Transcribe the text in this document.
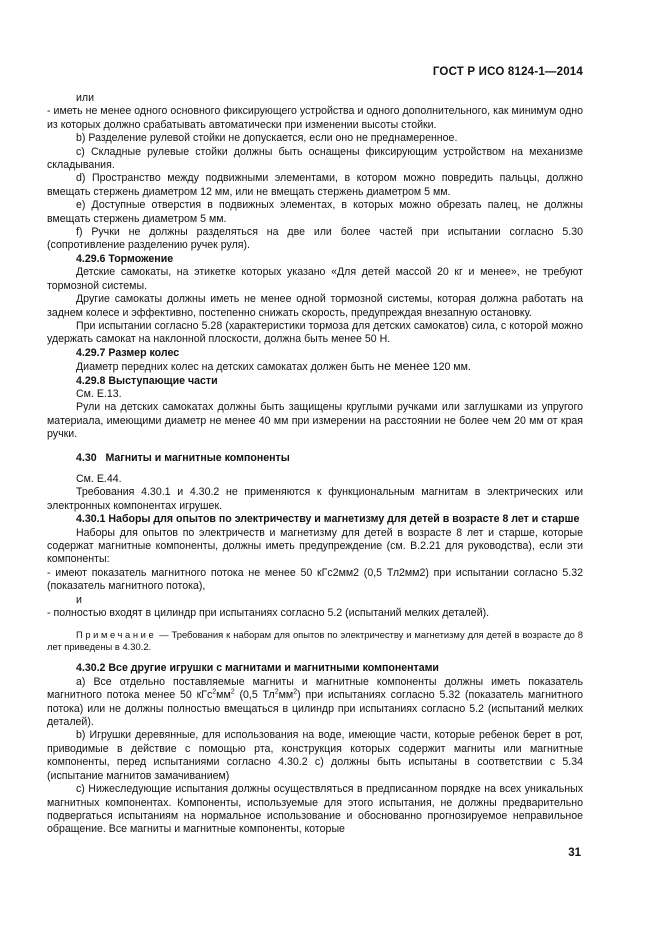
ГОСТ Р ИСО 8124-1—2014

или

- иметь не менее одного основного фиксирующего устройства и одного дополнительного, как минимум одно из которых должно срабатывать автоматически при изменении высоты стойки.

b) Разделение рулевой стойки не допускается, если оно не преднамеренное.

c) Складные рулевые стойки должны быть оснащены фиксирующим устройством на механизме складывания.

d) Пространство между подвижными элементами, в котором можно повредить пальцы, должно вмещать стержень диаметром 12 мм, или не вмещать стержень диаметром 5 мм.

e) Доступные отверстия в подвижных элементах, в которых можно обрезать палец, не должны вмещать стержень диаметром 5 мм.

f) Ручки не должны разделяться на две или более частей при испытании согласно 5.30 (сопротивление разделению ручек руля).

4.29.6 Торможение

Детские самокаты, на этикетке которых указано «Для детей массой 20 кг и менее», не требуют тормозной системы.

Другие самокаты должны иметь не менее одной тормозной системы, которая должна работать на заднем колесе и эффективно, постепенно снижать скорость, предупреждая внезапную остановку.

При испытании согласно 5.28 (характеристики тормоза для детских самокатов) сила, с которой можно удержать самокат на наклонной плоскости, должна быть менее 50 Н.

4.29.7 Размер колес

Диаметр передних колес на детских самокатах должен быть не менее 120 мм.

4.29.8 Выступающие части

См. Е.13.

Рули на детских самокатах должны быть защищены круглыми ручками или заглушками из упругого материала, имеющими диаметр не менее 40 мм при измерении на расстоянии не более чем 20 мм от края ручки.

4.30   Магниты и магнитные компоненты

См. Е.44.

Требования 4.30.1 и 4.30.2 не применяются к функциональным магнитам в электрических или электронных компонентах игрушек.

4.30.1 Наборы для опытов по электричеству и магнетизму для детей в возрасте 8 лет и старше

Наборы для опытов по электричеств и магнетизму для детей в возрасте 8 лет и старше, которые содержат магнитные компоненты, должны иметь предупреждение (см. В.2.21 для руководства), если эти компоненты:

- имеют показатель магнитного потока не менее 50 кГс2мм2 (0,5 Тл2мм2) при испытании согласно 5.32 (показатель магнитного потока),

и

- полностью входят в цилиндр при испытаниях согласно 5.2 (испытаний мелких деталей).

Примечание — Требования к наборам для опытов по электричеству и магнетизму для детей в возрасте до 8 лет приведены в 4.30.2.

4.30.2 Все другие игрушки с магнитами и магнитными компонентами

a) Все отдельно поставляемые магниты и магнитные компоненты должны иметь показатель магнитного потока менее 50 $кГс^2мм^2$ (0,5 $Тл^2мм^2$) при испытаниях согласно 5.32 (показатель магнитного потока) или не должны полностью вмещаться в цилиндр при испытаниях согласно 5.2 (испытаний мелких деталей).

b) Игрушки деревянные, для использования на воде, имеющие части, которые ребенок берет в рот, приводимые в действие с помощью рта, конструкция которых содержит магниты или магнитные компоненты, перед испытаниями согласно 4.30.2 с) должны быть испытаны в соответствии с 5.34 (испытание магнитов замачиванием)

c) Нижеследующие испытания должны осуществляться в предписанном порядке на всех уникальных магнитных компонентах. Компоненты, используемые для этого испытания, не должны предварительно подвергаться испытаниям на нормальное использование и обоснованно прогнозируемое неправильное обращение. Все магниты и магнитные компоненты, которые

31
